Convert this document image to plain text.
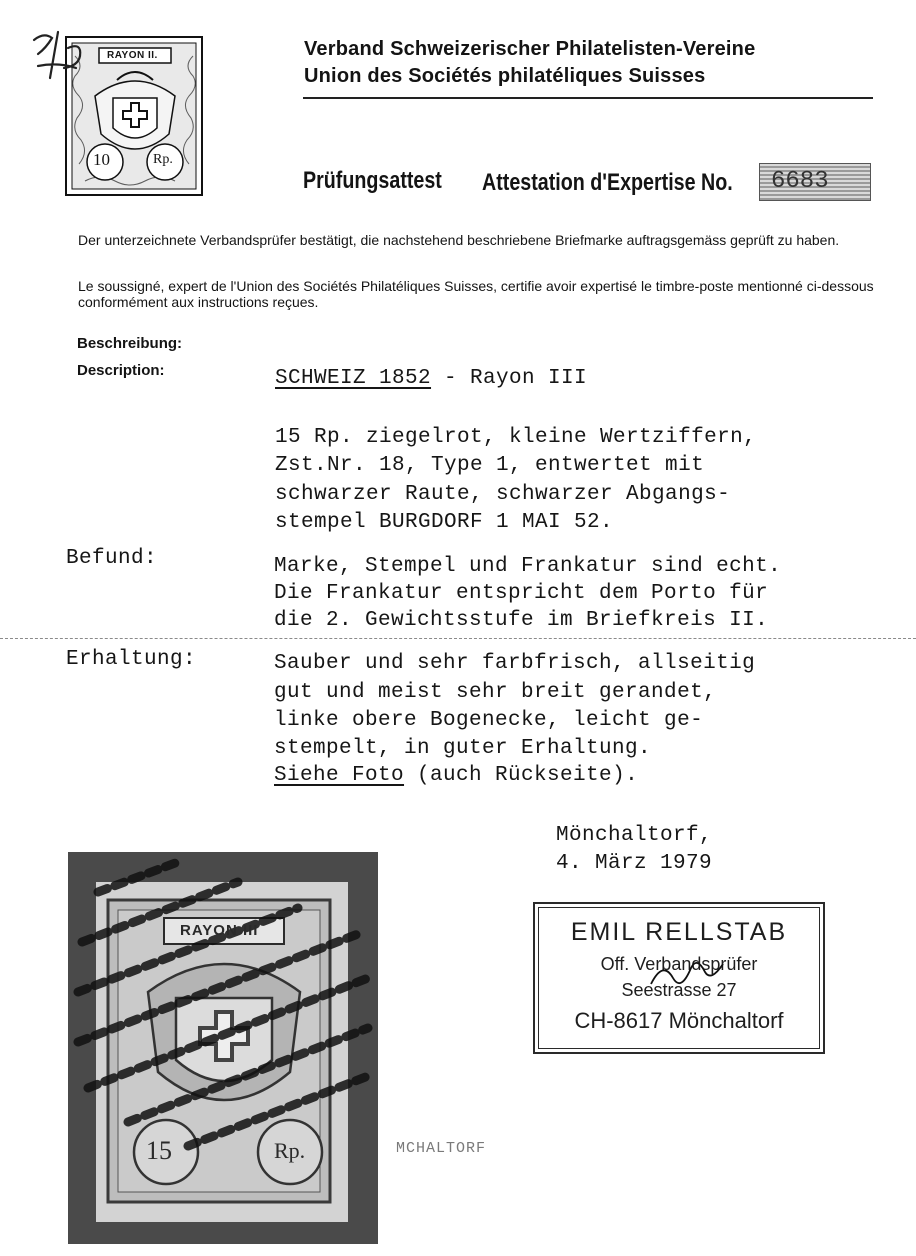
RAYON II.
10	Rp.
Verband Schweizerischer Philatelisten-Vereine
Union des Sociétés philatéliques Suisses
Prüfungsattest	Attestation d'Expertise No.	6683
Der unterzeichnete Verbandsprüfer bestätigt, die nachstehend beschriebene Briefmarke auftragsgemäss geprüft zu haben.
Le soussigné, expert de l'Union des Sociétés Philatéliques Suisses, certifie avoir expertisé le timbre-poste mentionné ci-dessous conformément aux instructions reçues.
Beschreibung:
Description:	SCHWEIZ 1852 - Rayon III
15 Rp. ziegelrot, kleine Wertziffern,
Zst.Nr. 18, Type 1, entwertet mit
schwarzer Raute, schwarzer Abgangs-
stempel BURGDORF 1 MAI 52.
Befund:	Marke, Stempel und Frankatur sind echt.
Die Frankatur entspricht dem Porto für
die 2. Gewichtsstufe im Briefkreis II.
Erhaltung:	Sauber und sehr farbfrisch, allseitig
gut und meist sehr breit gerandet,
linke obere Bogenecke, leicht ge-
stempelt, in guter Erhaltung.
Siehe Foto (auch Rückseite).
Mönchaltorf,
4. März 1979
RAYON III
15	Rp.	MCHALTORF
EMIL RELLSTAB
Off. Verbandsprüfer
Seestrasse 27
CH-8617 Mönchaltorf
